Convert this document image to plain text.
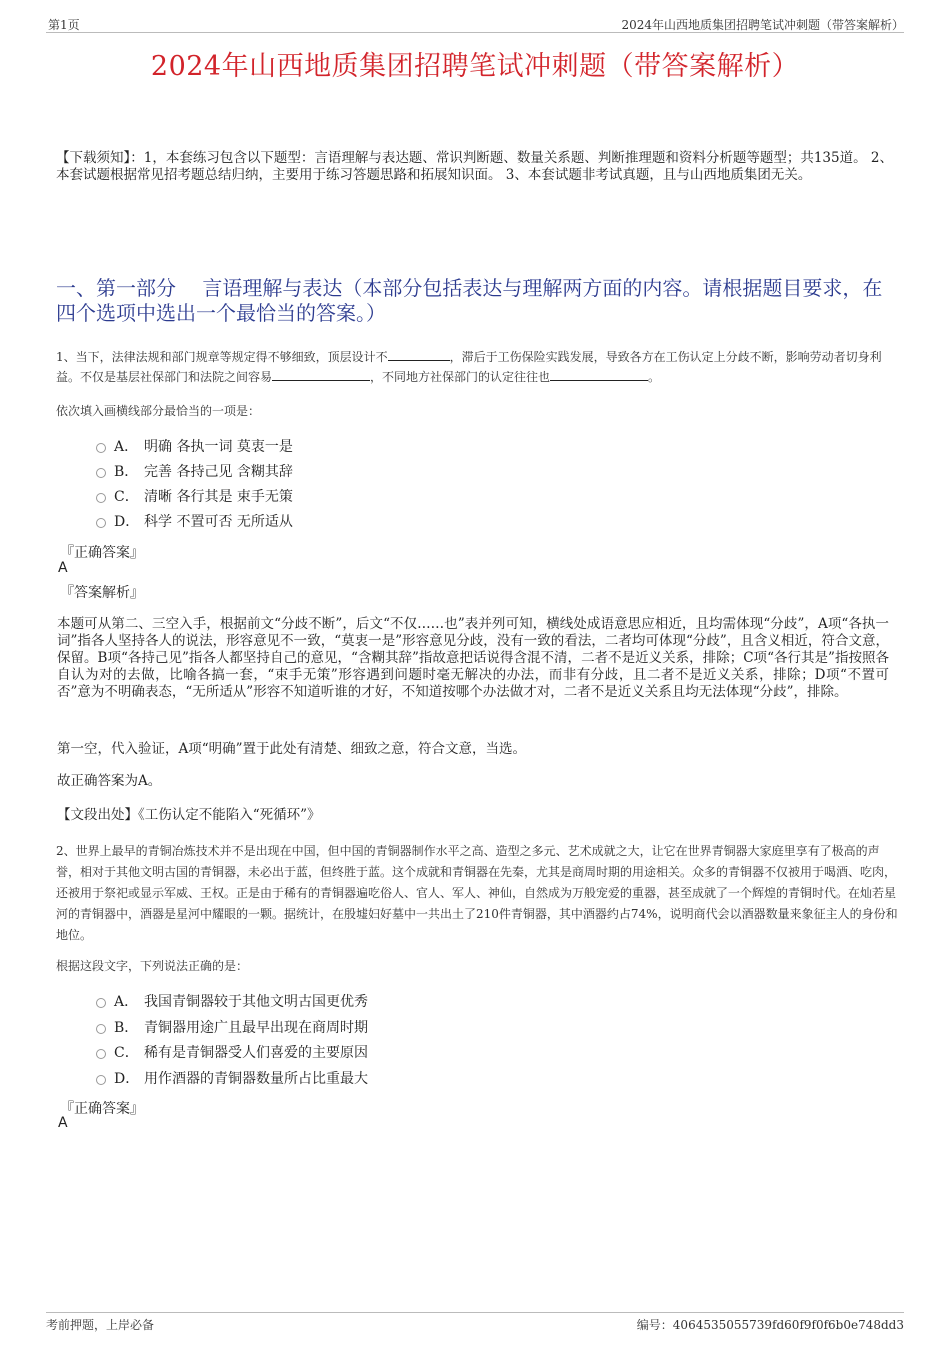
第1页	2024年山西地质集团招聘笔试冲刺题（带答案解析）
2024年山西地质集团招聘笔试冲刺题（带答案解析）
【下载须知】：1，本套练习包含以下题型：言语理解与表达题、常识判断题、数量关系题、判断推理题和资料分析题等题型；共135道。 2、本套试题根据常见招考题总结归纳，主要用于练习答题思路和拓展知识面。 3、本套试题非考试真题，且与山西地质集团无关。
一、第一部分　 言语理解与表达（本部分包括表达与理解两方面的内容。请根据题目要求，在四个选项中选出一个最恰当的答案。）
1、当下，法律法规和部门规章等规定得不够细致，顶层设计不	，滞后于工伤保险实践发展，导致各方在工伤认定上分歧不断，影响劳动者切身利益。不仅是基层社保部门和法院之间容易	，不同地方社保部门的认定往往也	。
依次填入画横线部分最恰当的一项是：
A． 明确 各执一词 莫衷一是
B． 完善 各持己见 含糊其辞
C． 清晰 各行其是 束手无策
D． 科学 不置可否 无所适从
『正确答案』
A
『答案解析』
本题可从第二、三空入手，根据前文“分歧不断”，后文“不仅……也”表并列可知，横线处成语意思应相近，且均需体现“分歧”，A项“各执一词”指各人坚持各人的说法，形容意见不一致，“莫衷一是”形容意见分歧，没有一致的看法，二者均可体现“分歧”，且含义相近，符合文意，保留。B项“各持己见”指各人都坚持自己的意见，“含糊其辞”指故意把话说得含混不清，二者不是近义关系，排除；C项“各行其是”指按照各自认为对的去做，比喻各搞一套，“束手无策”形容遇到问题时毫无解决的办法，而非有分歧，且二者不是近义关系，排除；D项“不置可否”意为不明确表态，“无所适从”形容不知道听谁的才好，不知道按哪个办法做才对，二者不是近义关系且均无法体现“分歧”，排除。
第一空，代入验证，A项“明确”置于此处有清楚、细致之意，符合文意，当选。
故正确答案为A。
【文段出处】《工伤认定不能陷入“死循环”》
2、世界上最早的青铜冶炼技术并不是出现在中国，但中国的青铜器制作水平之高、造型之多元、艺术成就之大，让它在世界青铜器大家庭里享有了极高的声誉，相对于其他文明古国的青铜器，未必出于蓝，但终胜于蓝。这个成就和青铜器在先秦，尤其是商周时期的用途相关。众多的青铜器不仅被用于喝酒、吃肉，还被用于祭祀或显示军威、王权。正是由于稀有的青铜器遍吃俗人、官人、军人、神仙，自然成为万般宠爱的重器，甚至成就了一个辉煌的青铜时代。在灿若星河的青铜器中，酒器是星河中耀眼的一颗。据统计，在殷墟妇好墓中一共出土了210件青铜器，其中酒器约占74%，说明商代会以酒器数量来象征主人的身份和地位。
根据这段文字，下列说法正确的是：
A． 我国青铜器较于其他文明古国更优秀
B． 青铜器用途广且最早出现在商周时期
C． 稀有是青铜器受人们喜爱的主要原因
D． 用作酒器的青铜器数量所占比重最大
『正确答案』
A
考前押题，上岸必备	编号：4064535055739fd60f9f0f6b0e748dd3
